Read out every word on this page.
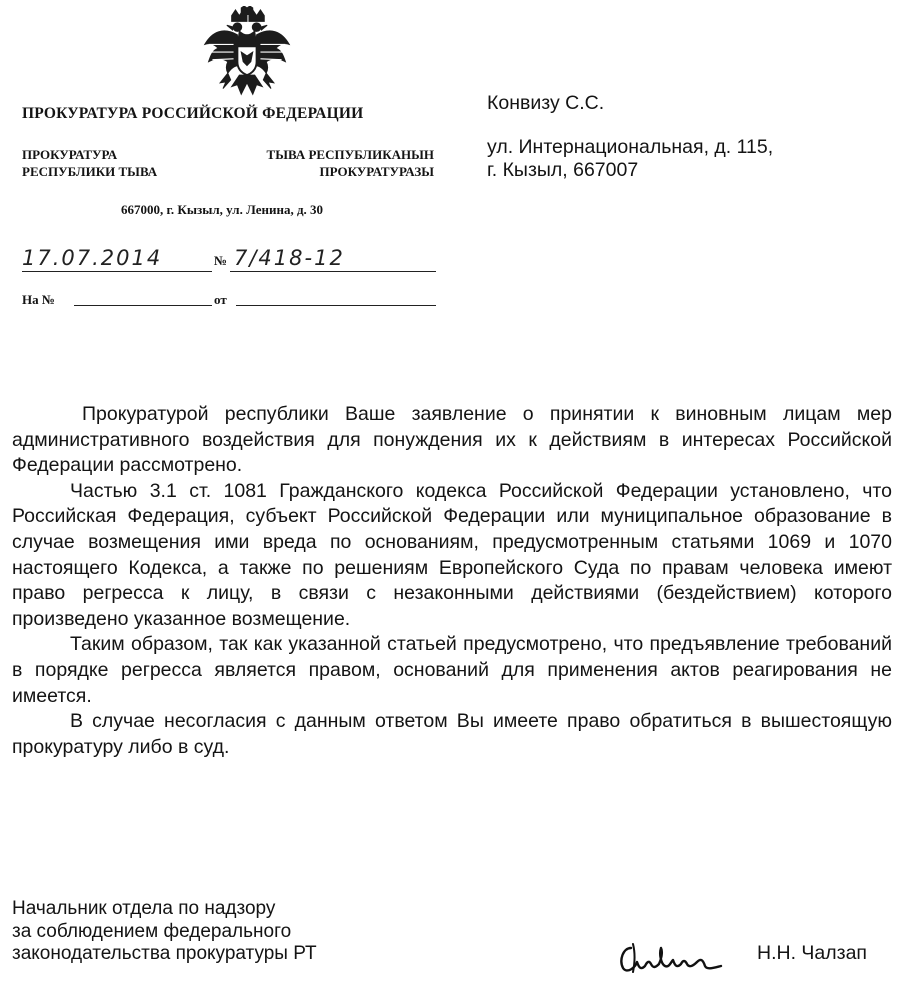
ПРОКУРАТУРА РОССИЙСКОЙ ФЕДЕРАЦИИ
ПРОКУРАТУРА
РЕСПУБЛИКИ ТЫВА
ТЫВА РЕСПУБЛИКАНЫН
ПРОКУРАТУРАЗЫ
667000, г. Кызыл, ул. Ленина, д. 30
17.07.2014	№ 7/418-12
На №	от
Конвизу С.С.
ул. Интернациональная, д. 115,
г. Кызыл, 667007

Прокуратурой республики Ваше заявление о принятии к виновным лицам мер административного воздействия для понуждения их к действиям в интересах Российской Федерации рассмотрено.

Частью 3.1 ст. 1081 Гражданского кодекса Российской Федерации установлено, что Российская Федерация, субъект Российской Федерации или муниципальное образование в случае возмещения ими вреда по основаниям, предусмотренным статьями 1069 и 1070 настоящего Кодекса, а также по решениям Европейского Суда по правам человека имеют право регресса к лицу, в связи с незаконными действиями (бездействием) которого произведено указанное возмещение.

Таким образом, так как указанной статьей предусмотрено, что предъявление требований в порядке регресса является правом, оснований для применения актов реагирования не имеется.

В случае несогласия с данным ответом Вы имеете право обратиться в вышестоящую прокуратуру либо в суд.

Начальник отдела по надзору
за соблюдением федерального
законодательства прокуратуры РТ	Н.Н. Чалзап
